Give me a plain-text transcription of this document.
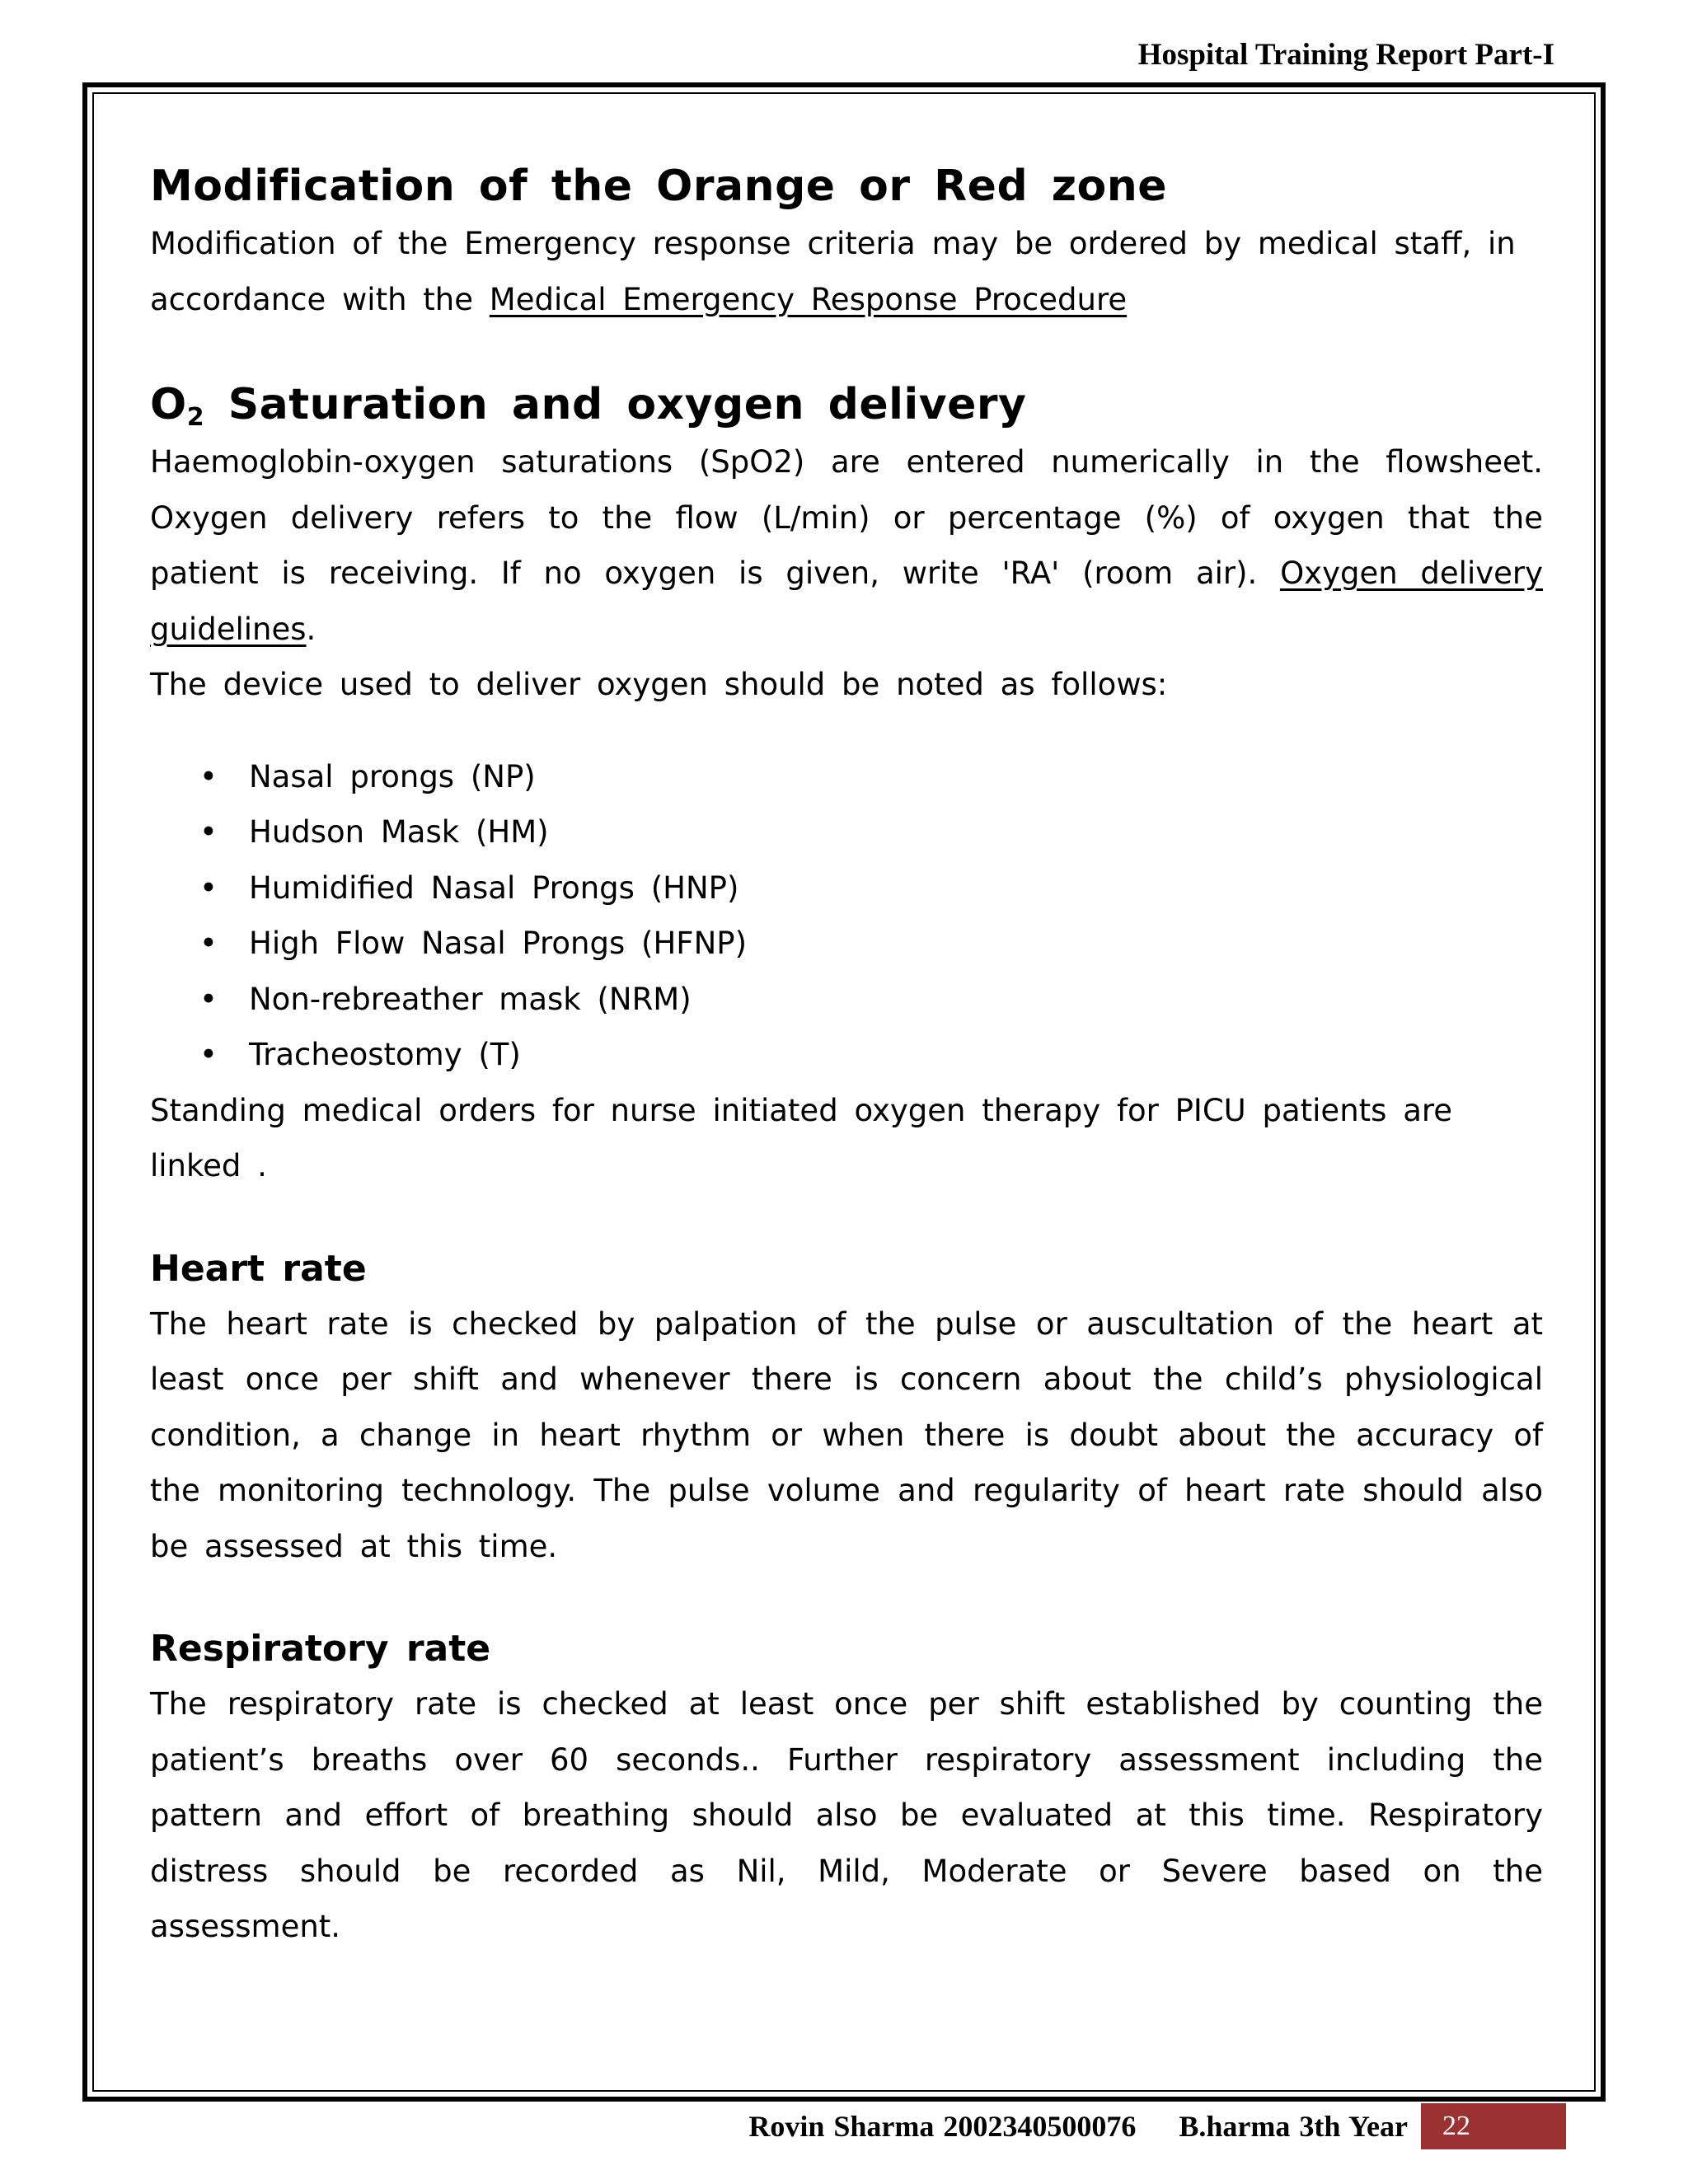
Hospital Training Report Part-I
Modification of the Orange or Red zone

Modification of the Emergency response criteria may be ordered by medical staff, in accordance with the Medical Emergency Response Procedure

$O_2$ Saturation and oxygen delivery

Haemoglobin-oxygen saturations (SpO2) are entered numerically in the flowsheet. Oxygen delivery refers to the flow (L/min) or percentage (%) of oxygen that the patient is receiving. If no oxygen is given, write 'RA' (room air). Oxygen delivery guidelines.

The device used to deliver oxygen should be noted as follows:

• Nasal prongs (NP)
• Hudson Mask (HM)
• Humidified Nasal Prongs (HNP)
• High Flow Nasal Prongs (HFNP)
• Non-rebreather mask (NRM)
• Tracheostomy (T)

Standing medical orders for nurse initiated oxygen therapy for PICU patients are linked .

Heart rate

The heart rate is checked by palpation of the pulse or auscultation of the heart at least once per shift and whenever there is concern about the child’s physiological condition, a change in heart rhythm or when there is doubt about the accuracy of the monitoring technology. The pulse volume and regularity of heart rate should also be assessed at this time.

Respiratory rate

The respiratory rate is checked at least once per shift established by counting the patient’s breaths over 60 seconds.. Further respiratory assessment including the pattern and effort of breathing should also be evaluated at this time. Respiratory distress should be recorded as Nil, Mild, Moderate or Severe based on the assessment.

Rovin Sharma 2002340500076 B.harma 3th Year	22
